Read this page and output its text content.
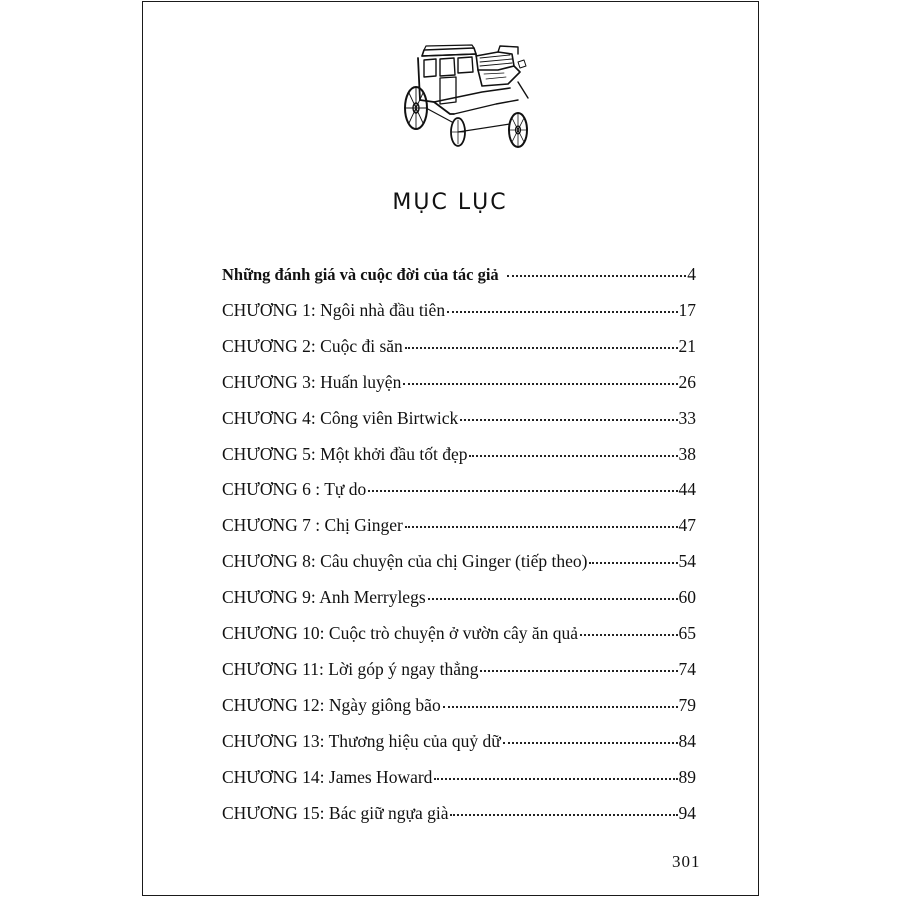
MỤC LỤC
Những đánh giá và cuộc đời của tác giả	4
CHƯƠNG 1: Ngôi nhà đầu tiên	17
CHƯƠNG 2: Cuộc đi săn	21
CHƯƠNG 3: Huấn luyện	26
CHƯƠNG 4: Công viên Birtwick	33
CHƯƠNG 5: Một khởi đầu tốt đẹp	38
CHƯƠNG 6 : Tự do	44
CHƯƠNG 7 : Chị Ginger	47
CHƯƠNG 8: Câu chuyện của chị Ginger (tiếp theo)	54
CHƯƠNG 9: Anh Merrylegs	60
CHƯƠNG 10: Cuộc trò chuyện ở vườn cây ăn quả	65
CHƯƠNG 11: Lời góp ý ngay thẳng	74
CHƯƠNG 12: Ngày giông bão	79
CHƯƠNG 13: Thương hiệu của quỷ dữ	84
CHƯƠNG 14: James Howard	89
CHƯƠNG 15: Bác giữ ngựa già	94
301
